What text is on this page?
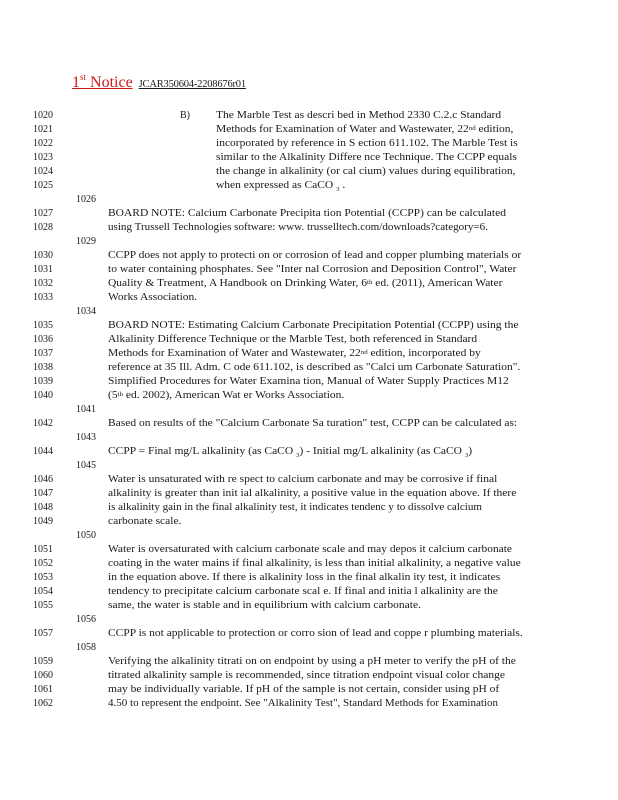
1st Notice JCAR350604-2208676r01
B)
1020	The Marble Test as descri bed in Method 2330 C.2.c Standard
1021	Methods for Examination of Water and Wastewater, 22nd edition,
1022	incorporated by reference in S ection 611.102. The Marble Test is
1023	similar to the Alkalinity Differe nce Technique. The CCPP equals
1024	the change in alkalinity (or cal cium) values during equilibration,
1025	when expressed as CaCO $_3$ .
1027	BOARD NOTE: Calcium Carbonate Precipita tion Potential (CCPP) can be calculated
1028	using Trussell Technologies software: www. trusselltech.com/downloads?category=6.
1030	CCPP does not apply to protecti on or corrosion of lead and copper plumbing materials or
1031	to water containing phosphates. See "Inter nal Corrosion and Deposition Control", Water
1032	Quality & Treatment, A Handbook on Drinking Water, 6th ed. (2011), American Water
1033	Works Association.
1035	BOARD NOTE: Estimating Calcium Carbonate Precipitation Potential (CCPP) using the
1036	Alkalinity Difference Technique or the Marble Test, both referenced in Standard
1037	Methods for Examination of Water and Wastewater, 22nd edition, incorporated by
1038	reference at 35 Ill. Adm. C ode 611.102, is described as "Calci um Carbonate Saturation".
1039	Simplified Procedures for Water Examina tion, Manual of Water Supply Practices M12
1040	(5th ed. 2002), American Wat er Works Association.
1042	Based on results of the "Calcium Carbonate Sa turation" test, CCPP can be calculated as:
1044	CCPP = Final mg/L alkalinity (as CaCO $_3$) - Initial mg/L alkalinity (as CaCO $_3$)
1046	Water is unsaturated with re spect to calcium carbonate and may be corrosive if final
1047	alkalinity is greater than init ial alkalinity, a positive value in the equation above. If there
1048	is alkalinity gain in the final alkalinity test, it indicates tendenc y to dissolve calcium
1049	carbonate scale.
1051	Water is oversaturated with calcium carbonate scale and may depos it calcium carbonate
1052	coating in the water mains if final alkalinity, is less than initial alkalinity, a negative value
1053	in the equation above. If there is alkalinity loss in the final alkalin ity test, it indicates
1054	tendency to precipitate calcium carbonate scal e. If final and initia l alkalinity are the
1055	same, the water is stable and in equilibrium with calcium carbonate.
1057	CCPP is not applicable to protection or corro sion of lead and coppe r plumbing materials.
1059	Verifying the alkalinity titrati on on endpoint by using a pH meter to verify the pH of the
1060	titrated alkalinity sample is recommended, since titration endpoint visual color change
1061	may be individually variable. If pH of the sample is not certain, consider using pH of
1062	4.50 to represent the endpoint. See "Alkalinity Test", Standard Methods for Examination
1026
1029
1034
1041
1043
1045
1050
1056
1058
